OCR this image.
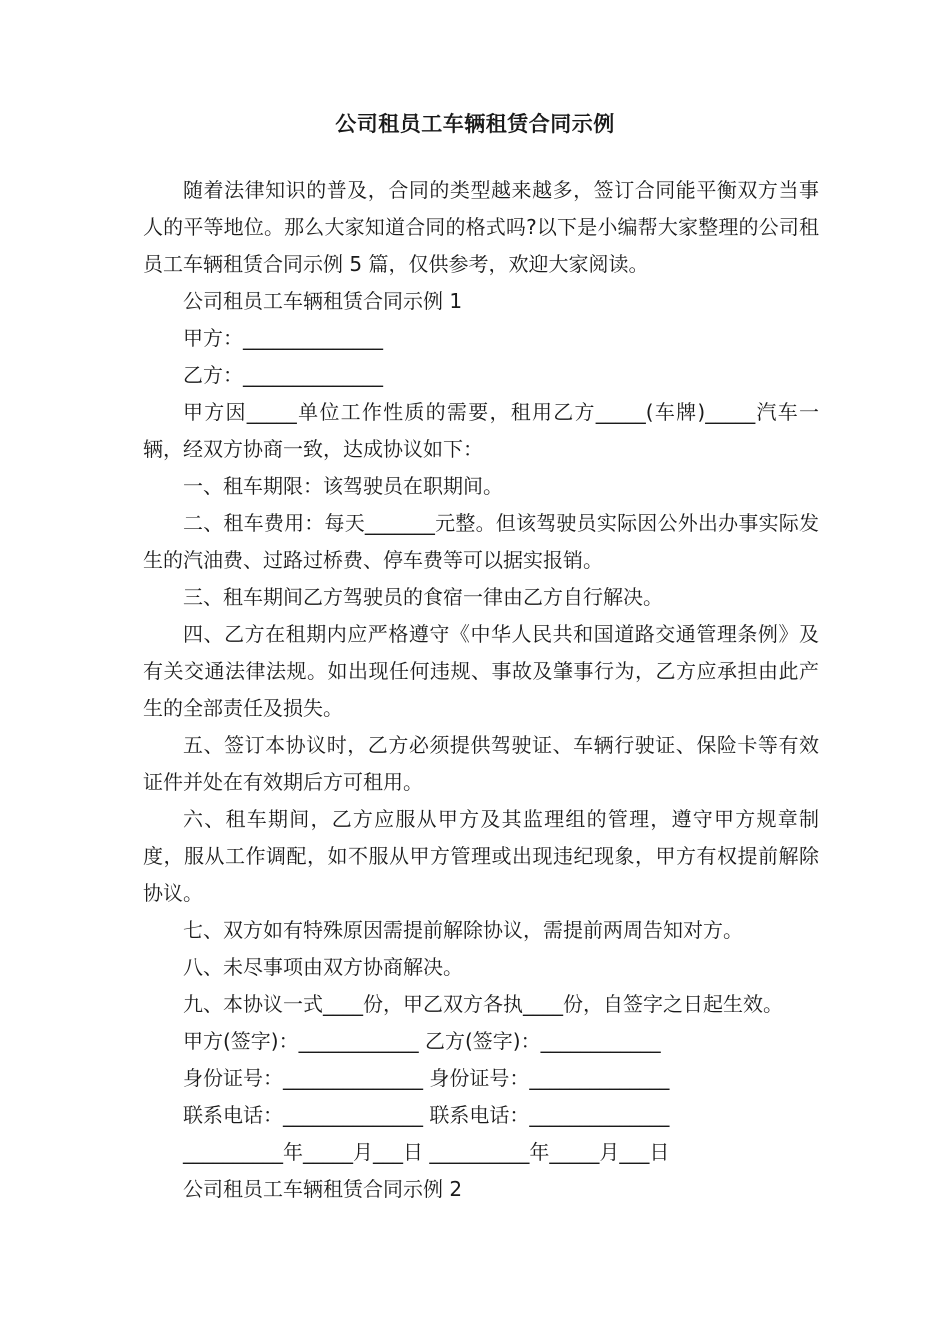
公司租员工车辆租赁合同示例

随着法律知识的普及，合同的类型越来越多，签订合同能平衡双方当事人的平等地位。那么大家知道合同的格式吗?以下是小编帮大家整理的公司租员工车辆租赁合同示例 5 篇，仅供参考，欢迎大家阅读。

公司租员工车辆租赁合同示例 1

甲方：______________

乙方：______________

甲方因_____单位工作性质的需要，租用乙方_____(车牌)_____汽车一辆，经双方协商一致，达成协议如下：

一、租车期限：该驾驶员在职期间。

二、租车费用：每天_______元整。但该驾驶员实际因公外出办事实际发生的汽油费、过路过桥费、停车费等可以据实报销。

三、租车期间乙方驾驶员的食宿一律由乙方自行解决。

四、乙方在租期内应严格遵守《中华人民共和国道路交通管理条例》及有关交通法律法规。如出现任何违规、事故及肇事行为，乙方应承担由此产生的全部责任及损失。

五、签订本协议时，乙方必须提供驾驶证、车辆行驶证、保险卡等有效证件并处在有效期后方可租用。

六、租车期间，乙方应服从甲方及其监理组的管理，遵守甲方规章制度，服从工作调配，如不服从甲方管理或出现违纪现象，甲方有权提前解除协议。

七、双方如有特殊原因需提前解除协议，需提前两周告知对方。

八、未尽事项由双方协商解决。

九、本协议一式____份，甲乙双方各执____份，自签字之日起生效。

甲方(签字)：____________ 乙方(签字)：____________

身份证号：______________ 身份证号：______________

联系电话：______________ 联系电话：______________

__________年_____月___日 __________年_____月___日

公司租员工车辆租赁合同示例 2
